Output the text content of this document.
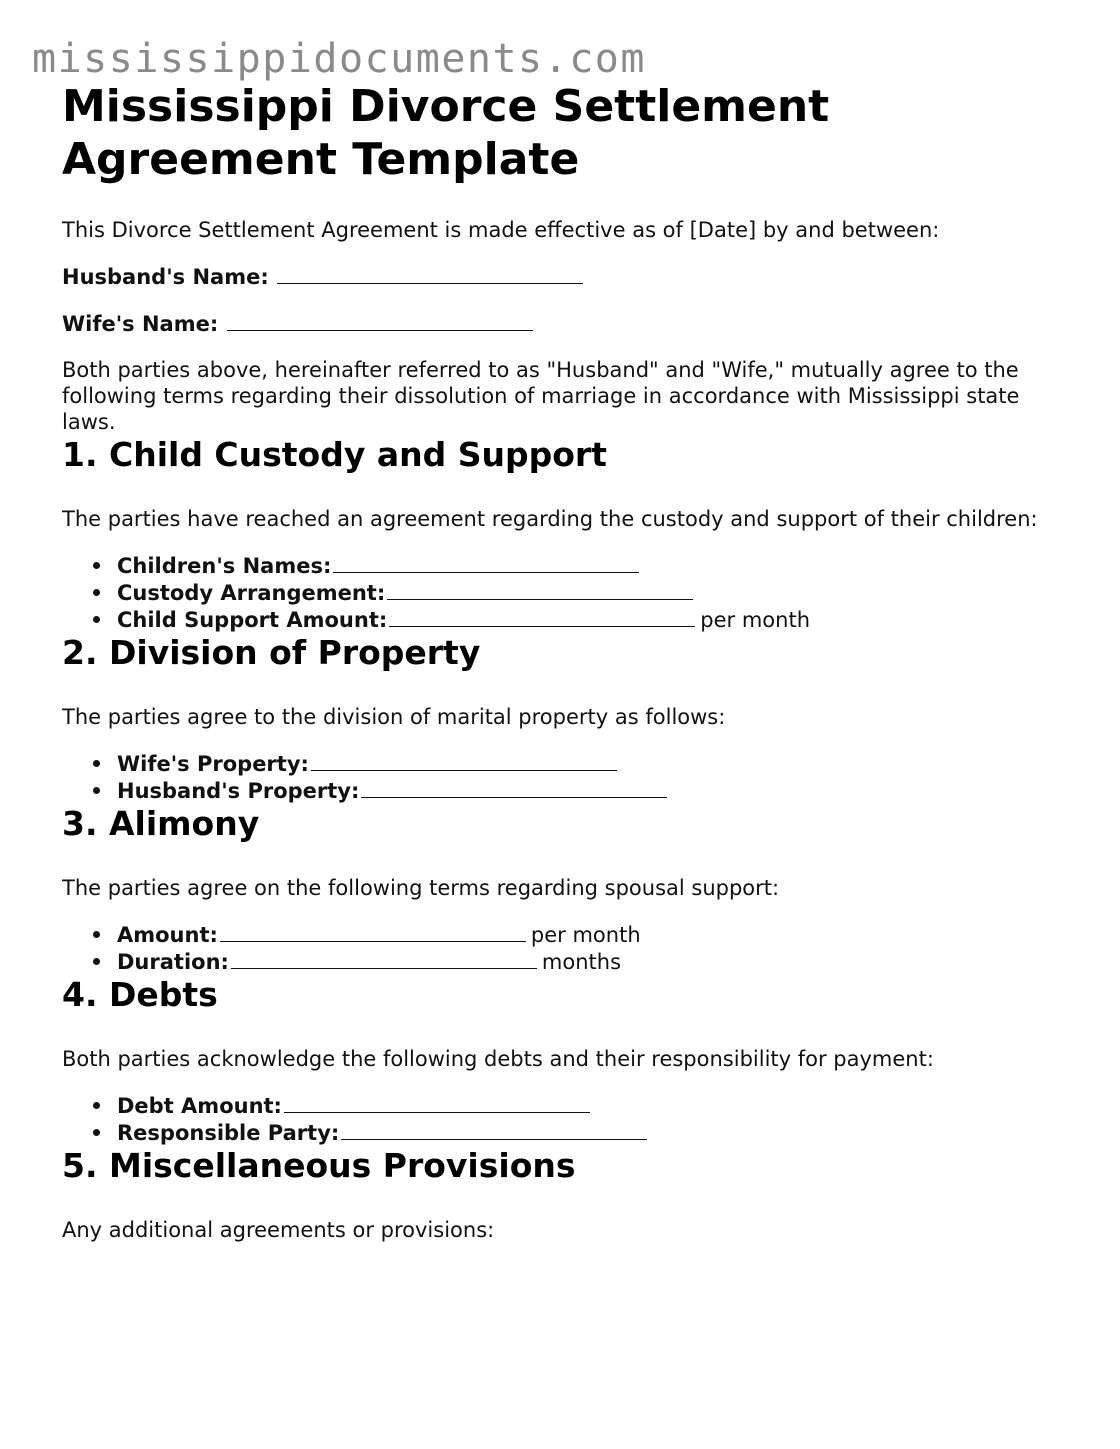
mississippidocuments.com
Mississippi Divorce Settlement Agreement Template

This Divorce Settlement Agreement is made effective as of [Date] by and between:

Husband's Name:
Wife's Name:

Both parties above, hereinafter referred to as "Husband" and "Wife," mutually agree to the following terms regarding their dissolution of marriage in accordance with Mississippi state laws.

1. Child Custody and Support

The parties have reached an agreement regarding the custody and support of their children:

Children's Names:
Custody Arrangement:
Child Support Amount:	per month
2. Division of Property

The parties agree to the division of marital property as follows:

Wife's Property:
Husband's Property:
3. Alimony

The parties agree on the following terms regarding spousal support:

Amount:	per month
Duration:	months
4. Debts

Both parties acknowledge the following debts and their responsibility for payment:

Debt Amount:
Responsible Party:
5. Miscellaneous Provisions

Any additional agreements or provisions:
